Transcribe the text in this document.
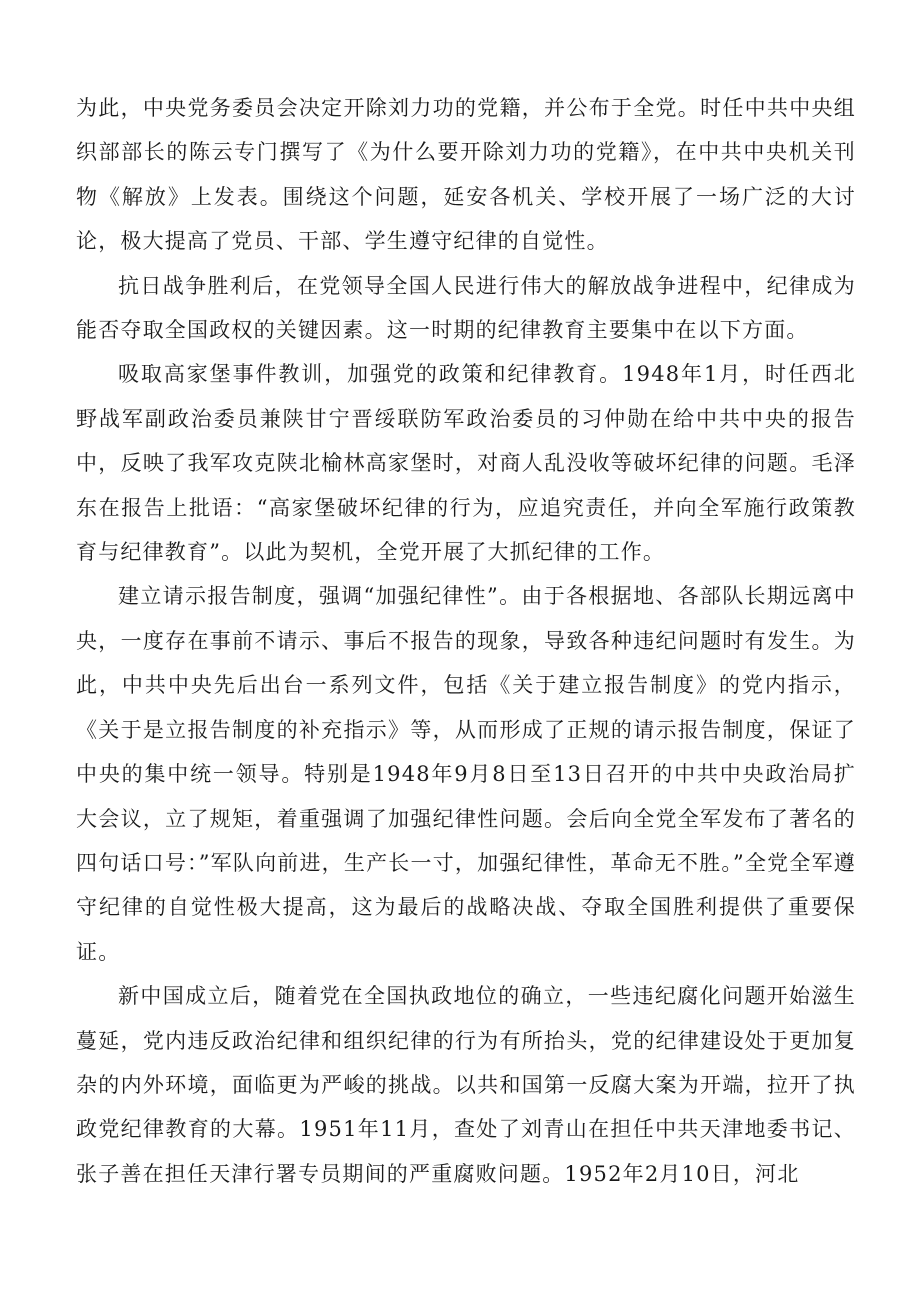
为此，中央党务委员会决定开除刘力功的党籍，并公布于全党。时任中共中央组织部部长的陈云专门撰写了《为什么要开除刘力功的党籍》，在中共中央机关刊物《解放》上发表。围绕这个问题，延安各机关、学校开展了一场广泛的大讨论，极大提高了党员、干部、学生遵守纪律的自觉性。

抗日战争胜利后，在党领导全国人民进行伟大的解放战争进程中，纪律成为能否夺取全国政权的关键因素。这一时期的纪律教育主要集中在以下方面。

吸取高家堡事件教训，加强党的政策和纪律教育。1948年1月，时任西北野战军副政治委员兼陕甘宁晋绥联防军政治委员的习仲勋在给中共中央的报告中，反映了我军攻克陕北榆林高家堡时，对商人乱没收等破坏纪律的问题。毛泽东在报告上批语：“高家堡破坏纪律的行为，应追究责任，并向全军施行政策教育与纪律教育”。以此为契机，全党开展了大抓纪律的工作。

建立请示报告制度，强调“加强纪律性”。由于各根据地、各部队长期远离中央，一度存在事前不请示、事后不报告的现象，导致各种违纪问题时有发生。为此，中共中央先后出台一系列文件，包括《关于建立报告制度》的党内指示，《关于是立报告制度的补充指示》等，从而形成了正规的请示报告制度，保证了中央的集中统一领导。特别是1948年9月8日至13日召开的中共中央政治局扩大会议，立了规矩，着重强调了加强纪律性问题。会后向全党全军发布了著名的四句话口号：”军队向前进，生产长一寸，加强纪律性，革命无不胜。”全党全军遵守纪律的自觉性极大提高，这为最后的战略决战、夺取全国胜利提供了重要保证。

新中国成立后，随着党在全国执政地位的确立，一些违纪腐化问题开始滋生蔓延，党内违反政治纪律和组织纪律的行为有所抬头，党的纪律建设处于更加复杂的内外环境，面临更为严峻的挑战。以共和国第一反腐大案为开端，拉开了执政党纪律教育的大幕。1951年11月，查处了刘青山在担任中共天津地委书记、张子善在担任天津行署专员期间的严重腐败问题。1952年2月10日，河北
